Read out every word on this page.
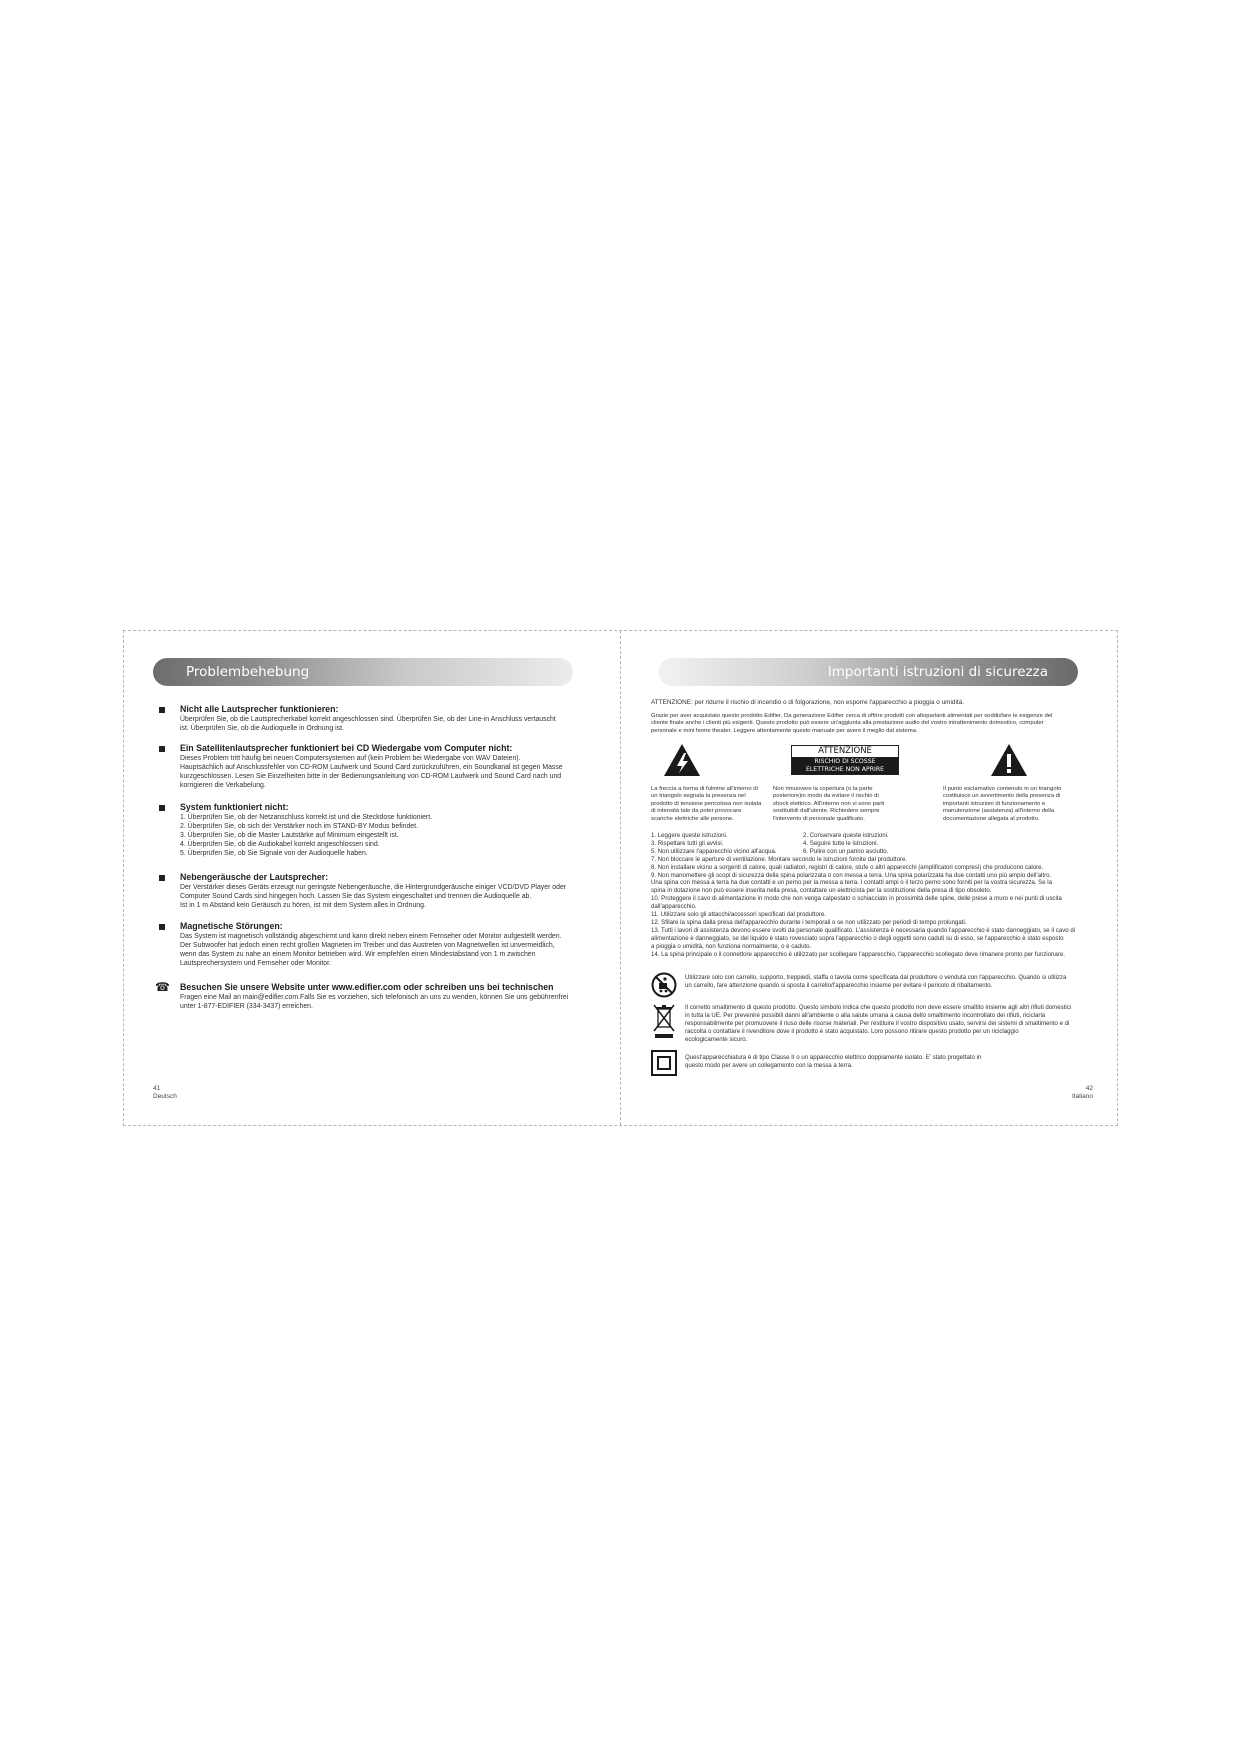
Problembehebung
Nicht alle Lautsprecher funktionieren:
Überprüfen Sie, ob die Lautsprecherkabel korrekt angeschlossen sind. Überprüfen Sie, ob der Line-in Anschluss vertauscht
ist. Überprüfen Sie, ob die Audioquelle in Ordnung ist.
Ein Satellitenlautsprecher funktioniert bei CD Wiedergabe vom Computer nicht:
Dieses Problem tritt häufig bei neuen Computersystemen auf (kein Problem bei Wiedergabe von WAV Dateien).
Hauptsächlich auf Anschlussfehler von CD-ROM Laufwerk und Sound Card zurückzuführen, ein Soundkanal ist gegen Masse
kurzgeschlossen. Lesen Sie Einzelheiten bitte in der Bedienungsanleitung von CD-ROM Laufwerk und Sound Card nach und
korrigieren die Verkabelung.
System funktioniert nicht:
1. Überprüfen Sie, ob der Netzanschluss korrekt ist und die Steckdose funktioniert.
2. Überprüfen Sie, ob sich der Verstärker noch im STAND-BY Modus befindet.
3. Überprüfen Sie, ob die Master Lautstärke auf Minimum eingestellt ist.
4. Überprüfen Sie, ob die Audiokabel korrekt angeschlossen sind.
5. Überprüfen Sie, ob Sie Signale von der Audioquelle haben.
Nebengeräusche der Lautsprecher:
Der Verstärker dieses Geräts erzeugt nur geringste Nebengeräusche, die Hintergrundgeräusche einiger VCD/DVD Player oder
Computer Sound Cards sind hingegen hoch. Lassen Sie das System eingeschaltet und trennen die Audioquelle ab.
Ist in 1 m Abstand kein Geräusch zu hören, ist mit dem System alles in Ordnung.
Magnetische Störungen:
Das System ist magnetisch vollständig abgeschirmt und kann direkt neben einem Fernseher oder Monitor aufgestellt werden.
Der Subwoofer hat jedoch einen recht großen Magneten im Treiber und das Austreten von Magnetwellen ist unvermeidlich,
wenn das System zu nahe an einem Monitor betrieben wird. Wir empfehlen einen Mindestabstand von 1 m zwischen
Lautsprechersystem und Fernseher oder Monitor.
☎ Besuchen Sie unsere Website unter www.edifier.com oder schreiben uns bei technischen
Fragen eine Mail an main@edifier.com.Falls Sie es vorziehen, sich telefonisch an uns zu wenden, können Sie uns gebührenfrei
unter 1-877-EDIFIER (334-3437) erreichen.
41
Deutsch
Importanti istruzioni di sicurezza
ATTENZIONE: per ridurre il rischio di incendio o di folgorazione, non esporre l'apparecchio a pioggia o umidità.
Grazie per aver acquistato questo prodotto Edifier. Da generazione Edifier cerca di offrire prodotti con altoparlanti alimentati per soddisfare le esigenze del
cliente finale anche i clienti più esigenti. Questo prodotto può essere un'aggiunta alla prestazione audio del vostro intrattenimento domestico, computer
personale e mini home theater. Leggere attentamente questo manuale per avere il meglio dal sistema.
ATTENZIONE
RISCHIO DI SCOSSE
ELETTRICHE NON APRIRE
La freccia a forma di fulmine all'interno di un triangolo segnala la presenza nel prodotto di tensione pericolosa non isolata di intensità tale da poter provocare scariche elettriche alle persone.
Non rimuovere la copertura (o la parte posteriore)in modo da evitare il rischio di shock elettrico. All'interno non vi sono parti sostituibili dall'utente. Richiedere sempre l'intervento di personale qualificato.
Il punto esclamativo contenuto in un triangolo costituisce un avvertimento della presenza di importanti istruzioni di funzionamento e manutenzione (assistenza) all'interno della documentazione allegata al prodotto.
1. Leggere queste istruzioni.	2. Conservare queste istruzioni.
3. Rispettare tutti gli avvisi.	4. Seguire tutte le istruzioni.
5. Non utilizzare l'apparecchio vicino all'acqua.	6. Pulire con un panno asciutto.
7. Non bloccare le aperture di ventilazione. Montare secondo le istruzioni fornite dal produttore.
8. Non installare vicino a sorgenti di calore, quali radiatori, registri di calore, stufe o altri apparecchi (amplificatori compresi) che producono calore.
9. Non manomettere gli scopi di sicurezza della spina polarizzata o con messa a terra. Una spina polarizzata ha due contatti uno più ampio dell'altro.
Una spina con messa a terra ha due contatti e un perno per la messa a terra. I contatti ampi o il terzo perno sono forniti per la vostra sicurezza. Se la
spina in dotazione non può essere inserita nella presa, contattare un elettricista per la sostituzione della presa di tipo obsoleto.
10. Proteggere il cavo di alimentazione in modo che non venga calpestato o schiacciato in prossimità delle spine, delle prese a muro e nei punti di uscita
dall'apparecchio.
11. Utilizzare solo gli attacchi/accessori specificati dal produttore.
12. Sfilare la spina dalla presa dell'apparecchio durante i temporali o se non utilizzato per periodi di tempo prolungati.
13. Tutti i lavori di assistenza devono essere svolti da personale qualificato. L'assistenza è necessaria quando l'apparecchio è stato danneggiato, se il cavo di
alimentazione è danneggiato, se del liquido è stato rovesciato sopra l'apparecchio o degli oggetti sono caduti su di esso, se l'apparecchio è stato esposto
a pioggia o umidità, non funziona normalmente, o è caduto.
14. La spina principale o il connettore apparecchio è utilizzato per scollegare l'apparecchio, l'apparecchio scollegato deve rimanere pronto per funzionare.
Utilizzare solo con carrello, supporto, treppiedi, staffa o tavola come specificata dal produttore o venduta con l'apparecchio. Quando si utilizza
un carrello, fare attenzione quando si sposta il carrello/l'apparecchio insieme per evitare il pericolo di ribaltamento.
Il corretto smaltimento di questo prodotto. Questo simbolo indica che questo prodotto non deve essere smaltito insieme agli altri rifiuti domestici
in tutta la UE. Per prevenire possibili danni all'ambiente o alla salute umana a causa dello smaltimento incontrollato dei rifiuti, riciclarla
responsabilmente per promuovere il riuso delle risorse materiali. Per restituire il vostro dispositivo usato, servirsi dei sistemi di smaltimento e di
raccolta o contattare il rivenditore dove il prodotto è stato acquistato. Loro possono ritirare questo prodotto per un riciclaggio
ecologicamente sicuro.
Quest'apparecchiatura è di tipo Classe II o un apparecchio elettrico doppiamente isolato. E' stato progettato in
questo modo per avere un collegamento con la messa a terra.
42
Italiano
